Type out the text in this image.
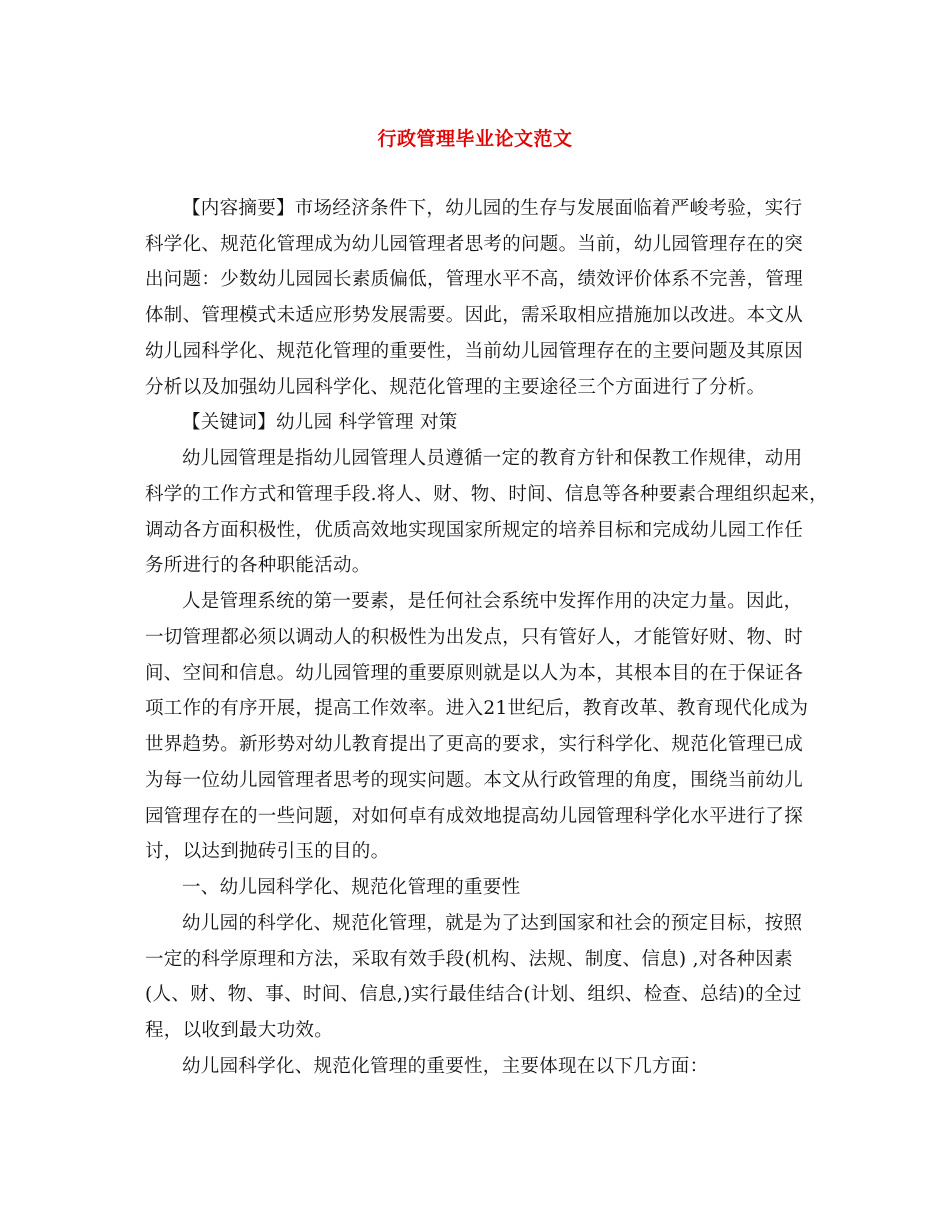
行政管理毕业论文范文
【内容摘要】市场经济条件下，幼儿园的生存与发展面临着严峻考验，实行
科学化、规范化管理成为幼儿园管理者思考的问题。当前，幼儿园管理存在的突
出问题：少数幼儿园园长素质偏低，管理水平不高，绩效评价体系不完善，管理
体制、管理模式未适应形势发展需要。因此，需采取相应措施加以改进。本文从
幼儿园科学化、规范化管理的重要性，当前幼儿园管理存在的主要问题及其原因
分析以及加强幼儿园科学化、规范化管理的主要途径三个方面进行了分析。
【关键词】幼儿园 科学管理 对策
幼儿园管理是指幼儿园管理人员遵循一定的教育方针和保教工作规律，动用
科学的工作方式和管理手段.将人、财、物、时间、信息等各种要素合理组织起来，
调动各方面积极性，优质高效地实现国家所规定的培养目标和完成幼儿园工作任
务所进行的各种职能活动。
人是管理系统的第一要素，是任何社会系统中发挥作用的决定力量。因此，
一切管理都必须以调动人的积极性为出发点，只有管好人，才能管好财、物、时
间、空间和信息。幼儿园管理的重要原则就是以人为本，其根本目的在于保证各
项工作的有序开展，提高工作效率。进入21世纪后，教育改革、教育现代化成为
世界趋势。新形势对幼儿教育提出了更高的要求，实行科学化、规范化管理已成
为每一位幼儿园管理者思考的现实问题。本文从行政管理的角度，围绕当前幼儿
园管理存在的一些问题，对如何卓有成效地提高幼儿园管理科学化水平进行了探
讨，以达到抛砖引玉的目的。
一、幼儿园科学化、规范化管理的重要性
幼儿园的科学化、规范化管理，就是为了达到国家和社会的预定目标，按照
一定的科学原理和方法，采取有效手段(机构、法规、制度、信息) ,对各种因素
(人、财、物、事、时间、信息,)实行最佳结合(计划、组织、检查、总结)的全过
程，以收到最大功效。
幼儿园科学化、规范化管理的重要性，主要体现在以下几方面：
